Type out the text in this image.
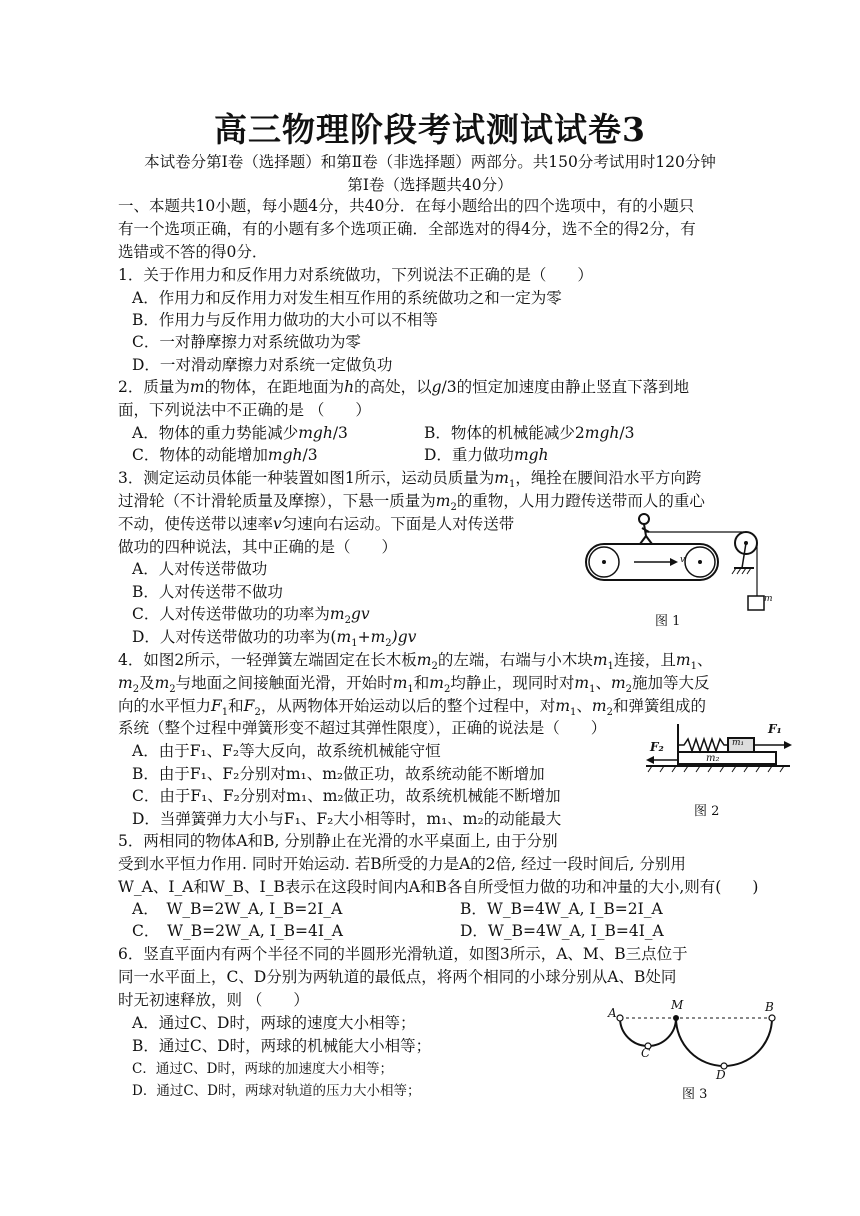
高三物理阶段考试测试试卷3
本试卷分第Ⅰ卷（选择题）和第Ⅱ卷（非选择题）两部分。共150分考试用时120分钟
第Ⅰ卷（选择题共40分）
一、本题共10小题，每小题4分，共40分．在每小题给出的四个选项中，有的小题只
有一个选项正确，有的小题有多个选项正确．全部选对的得4分，选不全的得2分，有
选错或不答的得0分．
1．关于作用力和反作用力对系统做功，下列说法不正确的是（　　）
A．作用力和反作用力对发生相互作用的系统做功之和一定为零
B．作用力与反作用力做功的大小可以不相等
C．一对静摩擦力对系统做功为零
D．一对滑动摩擦力对系统一定做负功
2．质量为m的物体，在距地面为h的高处，以g/3的恒定加速度由静止竖直下落到地
面，下列说法中不正确的是 （　　）
A．物体的重力势能减少mgh/3	B．物体的机械能减少2mgh/3
C．物体的动能增加mgh/3	D．重力做功mgh
3．测定运动员体能一种装置如图1所示，运动员质量为$m_1$，绳拴在腰间沿水平方向跨
过滑轮（不计滑轮质量及摩擦），下悬一质量为$m_2$的重物，人用力蹬传送带而人的重心
不动，使传送带以速率v匀速向右运动。下面是人对传送带
做功的四种说法，其中正确的是（　　）
A．人对传送带做功
B．人对传送带不做功
C．人对传送带做功的功率为$m_2gv$
D．人对传送带做功的功率为$(m_1+m_2)gv$
v
m
图 1
4．如图2所示，一轻弹簧左端固定在长木板$m_2$的左端，右端与小木块$m_1$连接，且$m_1$、
$m_2$及$m_2$与地面之间接触面光滑，开始时$m_1$和$m_2$均静止，现同时对$m_1$、$m_2$施加等大反
向的水平恒力$F_1$和$F_2$，从两物体开始运动以后的整个过程中，对$m_1$、$m_2$和弹簧组成的
系统（整个过程中弹簧形变不超过其弹性限度），正确的说法是（　　）
A．由于F₁、F₂等大反向，故系统机械能守恒
B．由于F₁、F₂分别对m₁、m₂做正功，故系统动能不断增加
C．由于F₁、F₂分别对m₁、m₂做正功，故系统机械能不断增加
D．当弹簧弹力大小与F₁、F₂大小相等时，m₁、m₂的动能最大
F₁
F₂	m₁
m₂
图 2
5．两相同的物体A和B, 分别静止在光滑的水平桌面上, 由于分别
受到水平恒力作用. 同时开始运动. 若B所受的力是A的2倍, 经过一段时间后, 分别用
W_A、I_A和W_B、I_B表示在这段时间内A和B各自所受恒力做的功和冲量的大小,则有(　　)
A．　W_B=2W_A, I_B=2I_A	B．W_B=4W_A, I_B=2I_A
C．　W_B=2W_A, I_B=4I_A	D．W_B=4W_A, I_B=4I_A
6．竖直平面内有两个半径不同的半圆形光滑轨道，如图3所示，A、M、B三点位于
同一水平面上，C、D分别为两轨道的最低点，将两个相同的小球分别从A、B处同
时无初速释放，则 （　　）
A．通过C、D时，两球的速度大小相等；
B．通过C、D时，两球的机械能大小相等；
C．通过C、D时，两球的加速度大小相等；
D．通过C、D时，两球对轨道的压力大小相等；
A
M	B
C
D
图 3
